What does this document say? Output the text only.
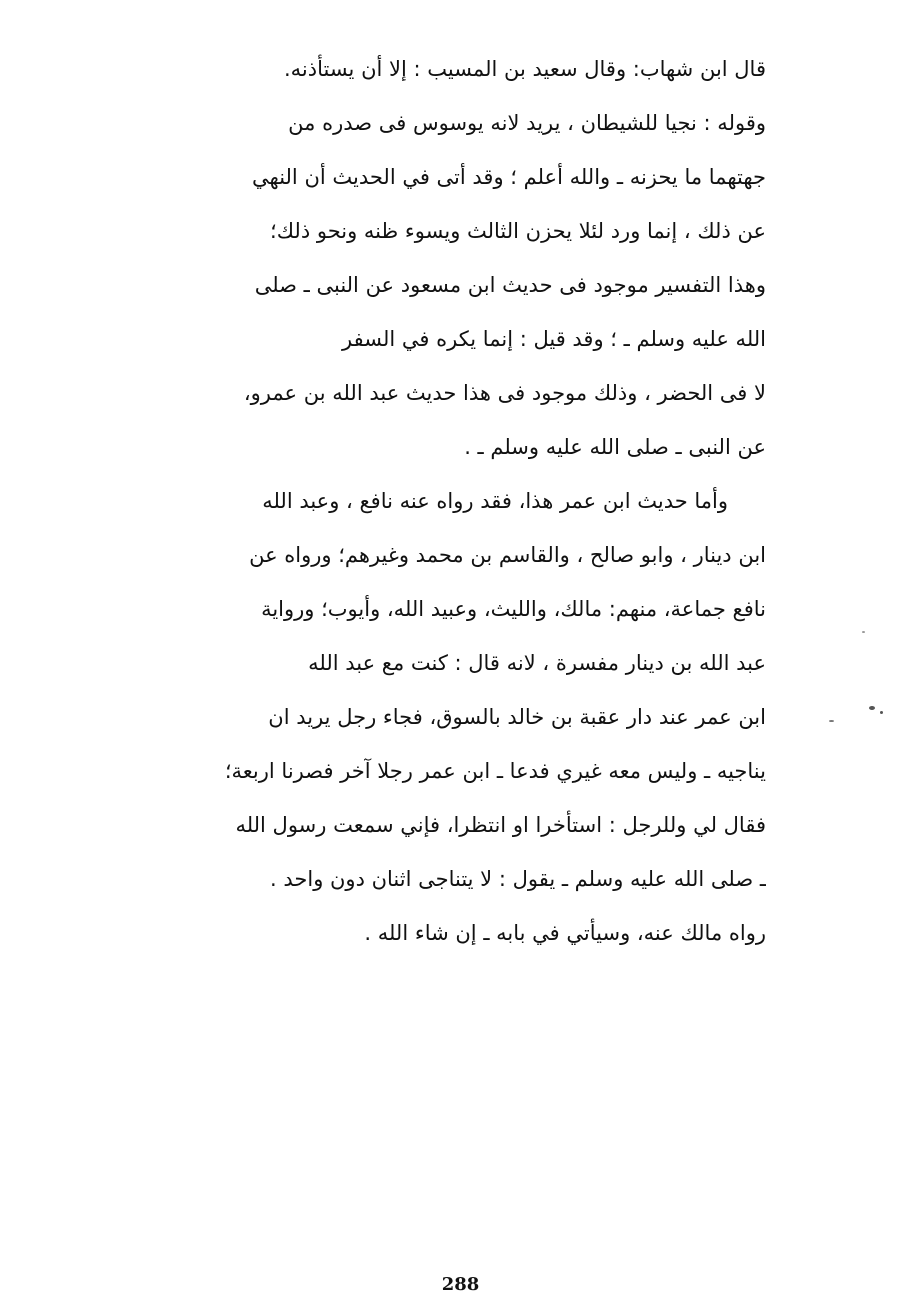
قال ابن شهاب: وقال سعيد بن المسيب : إلا أن يستأذنه.
وقوله : نجيا للشيطان ، يريد لانه يوسوس فى صدره من
جهتهما ما يحزنه ـ والله أعلم ؛ وقد أتى في الحديث أن النهي
عن ذلك ، إنما ورد لئلا يحزن الثالث ويسوء ظنه ونحو ذلك؛
وهذا التفسير موجود فى حديث ابن مسعود عن النبى ـ صلى
الله عليه وسلم ـ ؛ وقد قيل : إنما يكره في السفر
لا فى الحضر ، وذلك موجود فى هذا حديث عبد الله بن عمرو،
عن النبى ـ صلى الله عليه وسلم ـ .
وأما حديث ابن عمر هذا، فقد رواه عنه نافع ، وعبد الله
ابن دينار ، وابو صالح ، والقاسم بن محمد وغيرهم؛ ورواه عن
نافع جماعة، منهم: مالك، والليث، وعبيد الله، وأيوب؛ ورواية
عبد الله بن دينار مفسرة ، لانه قال : كنت مع عبد الله
ابن عمر عند دار عقبة بن خالد بالسوق، فجاء رجل يريد ان
يناجيه ـ وليس معه غيري فدعا ـ ابن عمر رجلا آخر فصرنا اربعة؛
فقال لي وللرجل : استأخرا او انتظرا، فإني سمعت رسول الله
ـ صلى الله عليه وسلم ـ يقول : لا يتناجى اثنان دون واحد .
رواه مالك عنه، وسيأتي في بابه ـ إن شاء الله .
288
